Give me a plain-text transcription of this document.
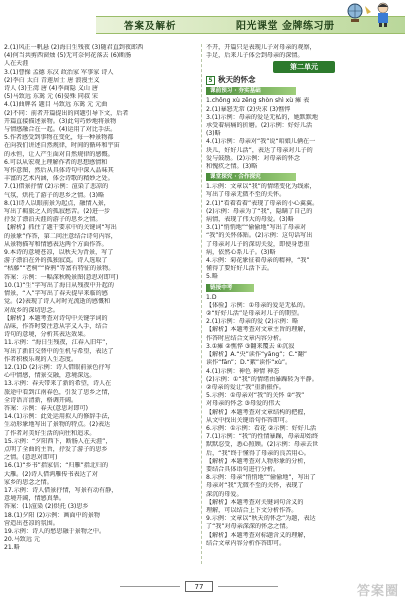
答案及解析	阳光课堂 金牌练习册
2.(1)风正一帆悬 (2)海日生残夜 (3)随君直到夜郎西
(4)何当共剪西窗烛 (5)无可奈何花落去 (6)断肠
人在天涯
3.(1)曹操 孟德 东汉 政治家 军事家 诗人
(2)李白 太白 青莲居士 唐 浪漫主义
诗人 (3)王湾 唐 (4)李商隐 义山 唐
(5)马致远 东篱 元 (6)晏殊 同叔 宋
4.(1)曲牌名 题目 马致远 东篱 元 元曲
(2)不同：前者开篇提出的问题引导下文，后者
开篇直接描述景物。(3)此句巧妙地将景物
与情感融合在一起。(4)运用了对比手法。
5.作者感受到事物在变化，每一种景物都
在向我们讲述自然规律，时间的循环和宇宙
的永恒，让人产生面对自然规律的感慨。
6.可以从宏观上理解作者的思想感情和
写作意图，然后从具体诗句中深入品味其
丰富的艺术内涵，体会诗歌的精妙之处。
7.(1)借景抒情 (2)示例：渲染了悲凉的
气氛，烘托了游子的思乡之情。(3)略
8.(1)诗人以眼前景为起点，融情入景，
写出了羁旅之人的孤寂愁苦。(2)进一步
抒发了漂泊天涯的游子的思乡之情。
【解析】抓住了题干要求中的关键词“写出
的景象”作答，第二问注意结合诗句内容，
从景物描写和情感表达两个方面作答。
9.本诗的意境苍凉，以秋天为背景，写了
游子漂泊在外的孤独寂寞。诗人选取了
“枯藤”“老树”“昏鸦”等富有特征的景物。
答案：示例：一幅深秋晚景图(意思对即可)
10.(1)“生”字写出了海日从残夜中升起的
情景，“入”字写出了春天提早来临的感
觉。(2)表现了诗人对时光流逝的感慨和
对故乡的深切思念。
【解析】本题考查对诗句中关键字词的
品味，作答时要注意从字义入手，结合
诗句的意境，分析其表达效果。
11.示例：“海日生残夜，江春入旧年”，
写出了新旧交替中的生机与希望，表达了
作者积极乐观的人生态度。
12.(1)D (2)示例：诗人借眼前景色抒写
心中情感，情景交融，意境深远。
13.示例：春天带来了新的希望，诗人在
旅途中看到江南春色，引发了思乡之情，
全诗语言清新，格调开阔。
答案：示例：春天(意思对即可)
14.(1)示例：此处运用拟人的修辞手法，
生动形象地写出了景物的特点。(2)表达
了作者对美好生活的向往和追求。
15.示例：“夕阳西下，断肠人在天涯”，
点明了全曲的主旨，抒发了游子的思乡
之情。(意思对即可)
16.(1)“乡书”指家信；“归雁”指北归的
大雁。(2)诗人借鸿雁传书表达了对
家乡的思念之情。
17.示例：诗人借景抒情，写景有动有静，
意境开阔，情感真挚。
答案：(1)渲染 (2)烘托 (3)思乡
18.(1)夕阳 (2)示例：画面中的景物
营造出苍凉的氛围。
19.示例：诗人的愁思融于景物之中。
20.马致远 元
21.略
不开，开篇只是表现儿子对母亲的观察，
手足，后来儿子体会到母亲的深情。
第二单元
5 秋天的怀念
课前预习 · 夯实基础
1.chōng xù zēng shòn shì xù 瘫 表
2.(1)暴怒无常 (2)央求 (3)憔悴
3.(1)示例：母亲的爱是无私的，她默默地
承受着病痛的折磨。(2)示例：好好儿活
(3)略
4.(1)示例：母亲对“我”说“咱娘儿俩在一
块儿，好好儿活”，表达了母亲对儿子的
爱与鼓励。(2)示例：对母亲的怀念
和愧疚之情。(3)略
课堂探究 · 合作探究
1.示例：文章以“我”的情绪变化为线索，
写出了母亲无微不至的关怀。
2.(1)“看着看着”表现了母亲的小心翼翼。
(2)示例：母亲为了“我”，隐瞒了自己的
病情，表现了伟大的母爱。(3)略
3.(1)“悄悄地”“偷偷地”写出了母亲对
“我”的关怀体贴。(2)示例：这句话写出
了母亲对儿子的深切关爱，即使身患重
病，依然心系儿子。(3)略
4.示例：菊花象征着母亲的精神，“我”
懂得了要好好儿活下去。
5.略
链接中考
1.D
【体验】示例：①母亲的爱是无私的。
②“好好儿活”是母亲对儿子的期望。
2.(1)示例：母亲的爱 (2)示例：略
【解析】本题考查对文章主旨的理解，
作答时应结合文章内容分析。
3.①瘫 ②憔悴 ③翻来覆去 ④沉寂
【解析】A.“央”读作“yāng”；C.“翻”
读作“fān”；D.“絮”读作“xù”。
4.(1)示例：神色 神情 神态
(2)示例：①“我”的情绪由暴躁转为平静。
②母亲的爱让“我”重新振作。
5.示例：①母亲对“我”的关怀 ②“我”
对母亲的怀念 ③母爱的伟大
【解析】本题考查对文章结构的把握，
从文中找出关键语句作答即可。
6.示例：①示例：看花 ②示例：好好儿活
7.(1)示例：“我”的性情暴躁，母亲却始终
默默忍受，悉心照顾。(2)示例：母亲去世
后，“我”终于懂得了母亲的良苦用心。
【解析】本题考查对人物形象的分析，
要结合具体语句进行分析。
8.示例：母亲“悄悄地”“偷偷地”，写出了
母亲对“我”无微不至的关怀，表现了
深沉的母爱。
【解析】本题考查对关键词句含义的
理解，可以结合上下文分析作答。
9.示例：文章以“秋天的怀念”为题，表达
了“我”对母亲深深的怀念之情。
【解析】本题考查对标题含义的理解，
结合文章内容分析作答即可。
77	答案圈
